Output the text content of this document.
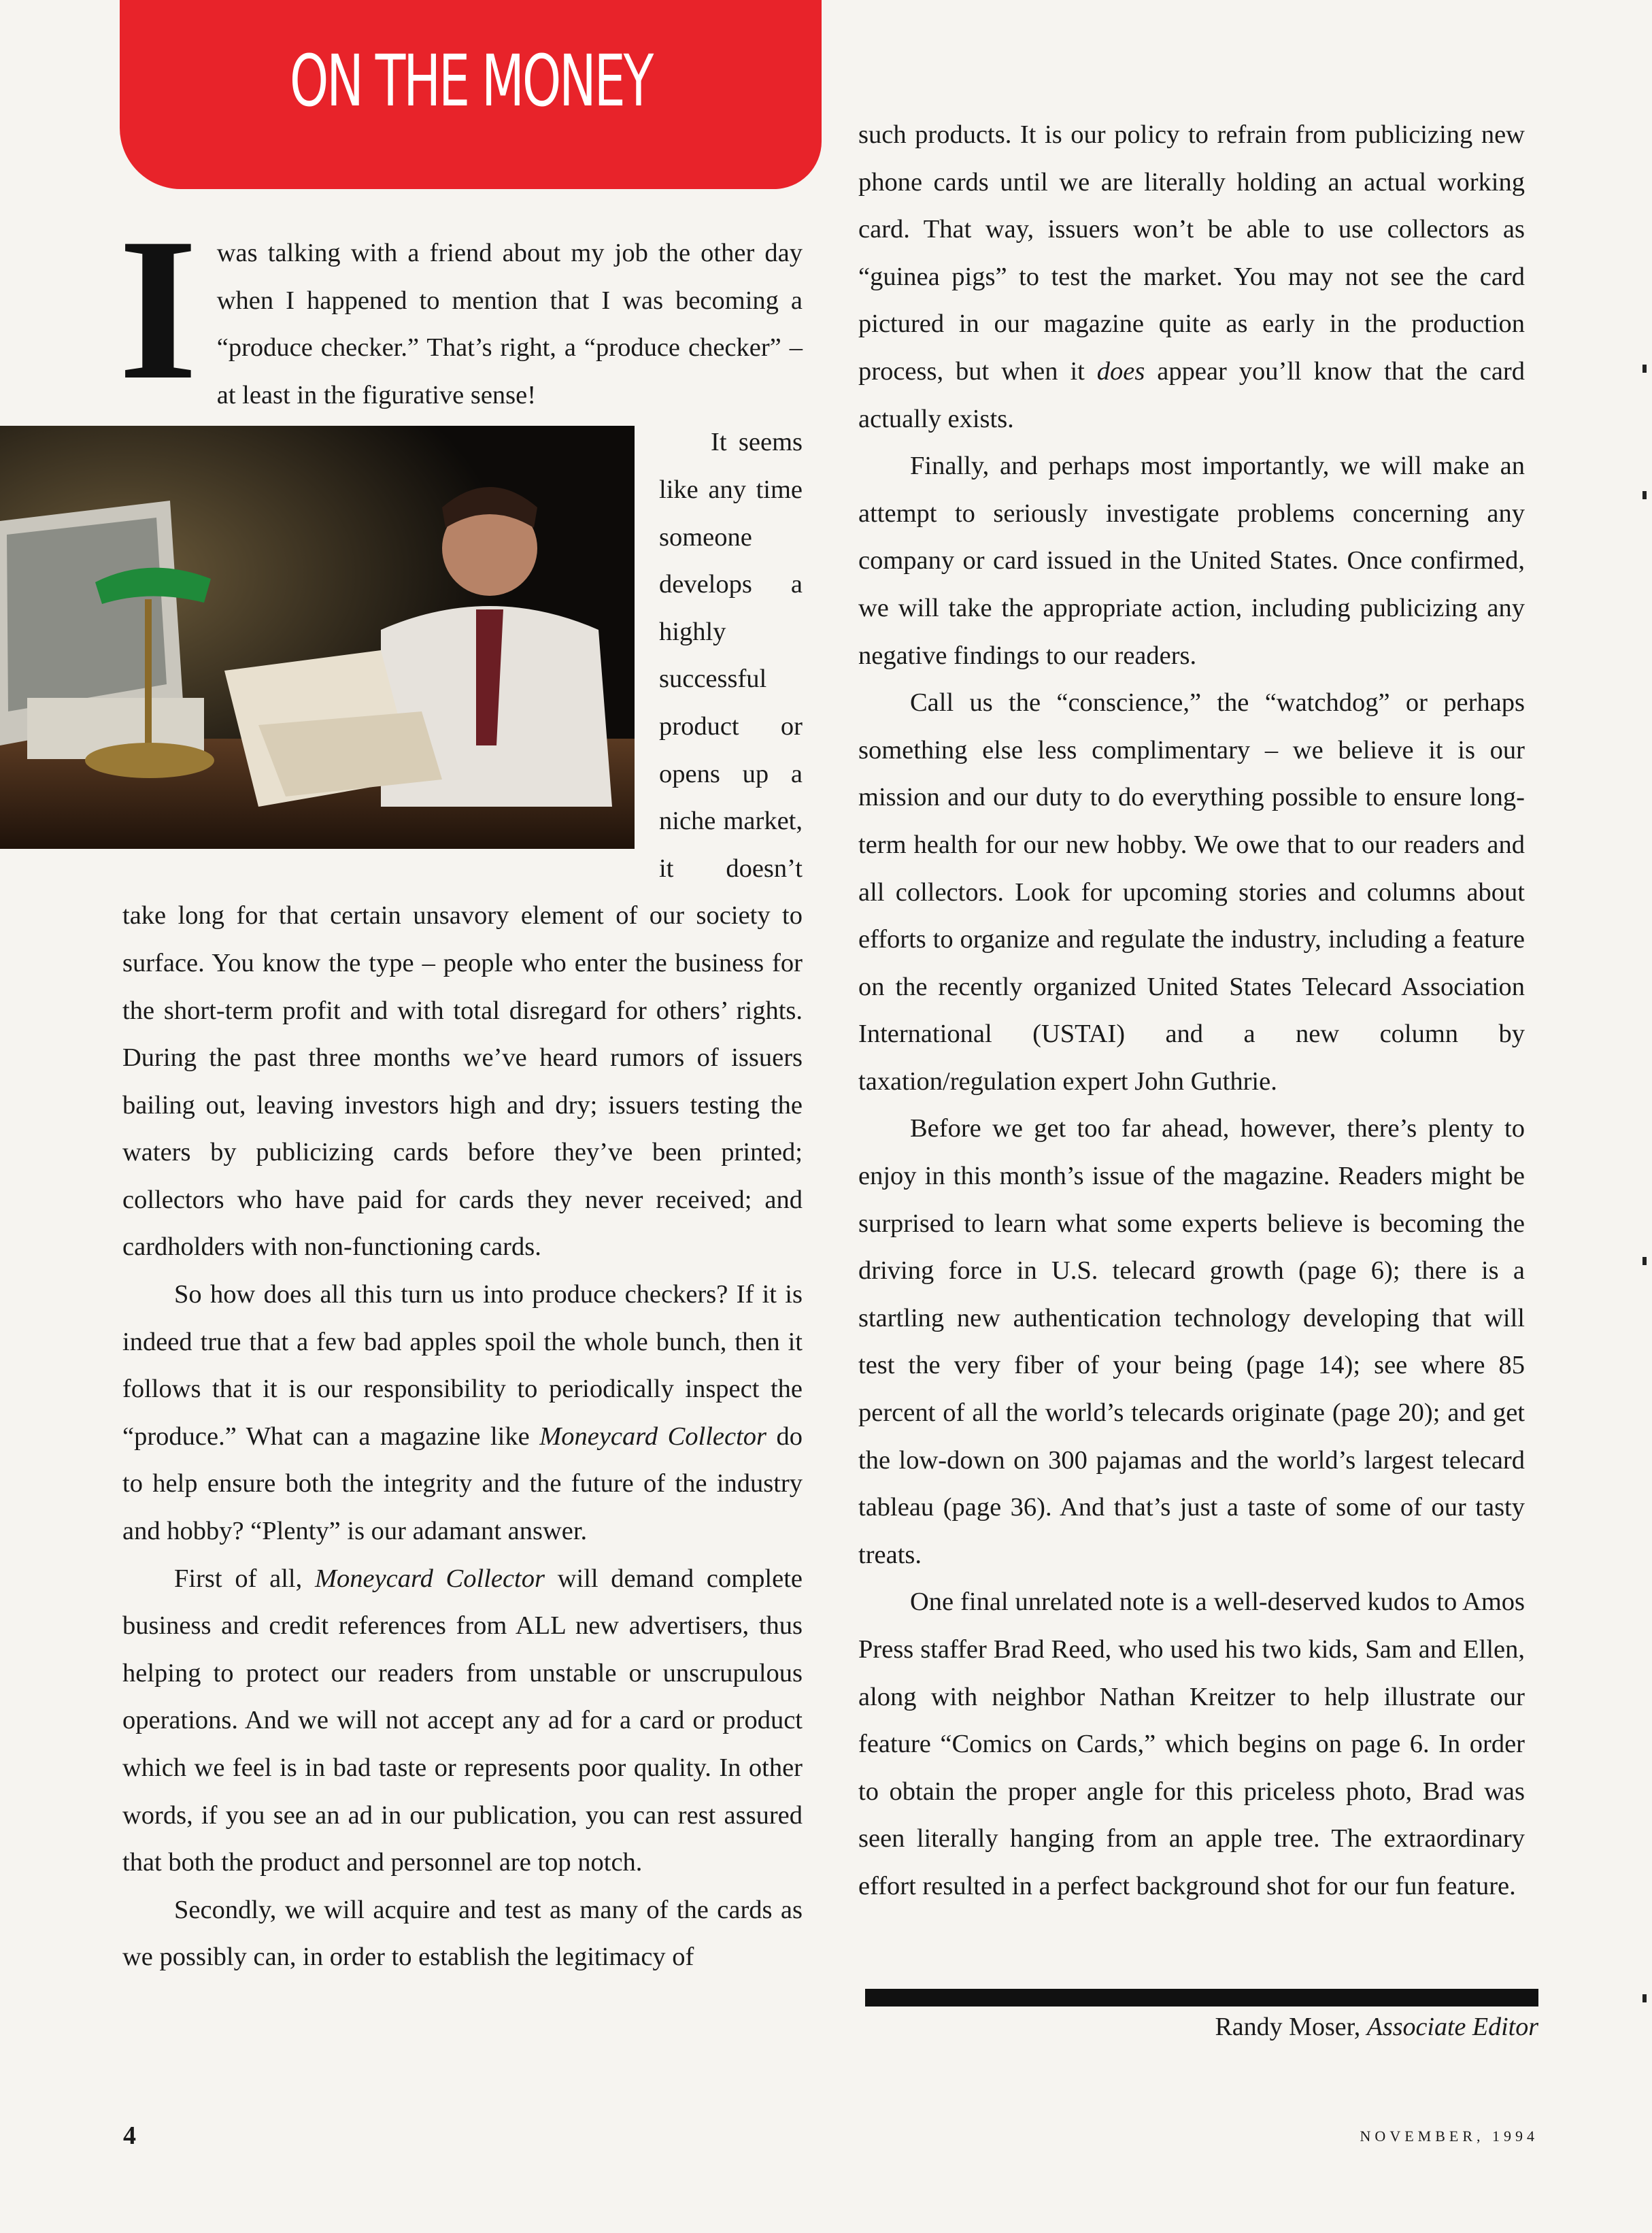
ON THE MONEY

Iwas talking with a friend about my job the other day when I happened to mention that I was becoming a “produce checker.” That’s right, a “produce checker” – at least in the figurative sense!

It seems like any time someone develops a highly successful product or opens up a niche market, it doesn’t take long for that certain unsavory element of our society to surface. You know the type – people who enter the business for the short-term profit and with total disregard for others’ rights. During the past three months we’ve heard rumors of issuers bailing out, leaving investors high and dry; issuers testing the waters by publicizing cards before they’ve been printed; collectors who have paid for cards they never received; and cardholders with non-functioning cards.

So how does all this turn us into produce checkers? If it is indeed true that a few bad apples spoil the whole bunch, then it follows that it is our responsibility to periodically inspect the “produce.” What can a magazine like Moneycard Collector do to help ensure both the integrity and the future of the industry and hobby? “Plenty” is our adamant answer.

First of all, Moneycard Collector will demand complete business and credit references from ALL new advertisers, thus helping to protect our readers from unstable or unscrupulous operations. And we will not accept any ad for a card or product which we feel is in bad taste or represents poor quality. In other words, if you see an ad in our publication, you can rest assured that both the product and personnel are top notch.

Secondly, we will acquire and test as many of the cards as we possibly can, in order to establish the legitimacy of

such products. It is our policy to refrain from publicizing new phone cards until we are literally holding an actual working card. That way, issuers won’t be able to use collectors as “guinea pigs” to test the market. You may not see the card pictured in our magazine quite as early in the production process, but when it does appear you’ll know that the card actually exists.

Finally, and perhaps most importantly, we will make an attempt to seriously investigate problems concerning any company or card issued in the United States. Once confirmed, we will take the appropriate action, including publicizing any negative findings to our readers.

Call us the “conscience,” the “watchdog” or perhaps something else less complimentary – we believe it is our mission and our duty to do everything possible to ensure long-term health for our new hobby. We owe that to our readers and all collectors. Look for upcoming stories and columns about efforts to organize and regulate the industry, including a feature on the recently organized United States Telecard Association International (USTAI) and a new column by taxation/regulation expert John Guthrie.

Before we get too far ahead, however, there’s plenty to enjoy in this month’s issue of the magazine. Readers might be surprised to learn what some experts believe is becoming the driving force in U.S. telecard growth (page 6); there is a startling new authentication technology developing that will test the very fiber of your being (page 14); see where 85 percent of all the world’s telecards originate (page 20); and get the low-down on 300 pajamas and the world’s largest telecard tableau (page 36). And that’s just a taste of some of our tasty treats.

One final unrelated note is a well-deserved kudos to Amos Press staffer Brad Reed, who used his two kids, Sam and Ellen, along with neighbor Nathan Kreitzer to help illustrate our feature “Comics on Cards,” which begins on page 6. In order to obtain the proper angle for this priceless photo, Brad was seen literally hanging from an apple tree. The extraordinary effort resulted in a perfect background shot for our fun feature.

Randy Moser, Associate Editor
4	NOVEMBER, 1994
